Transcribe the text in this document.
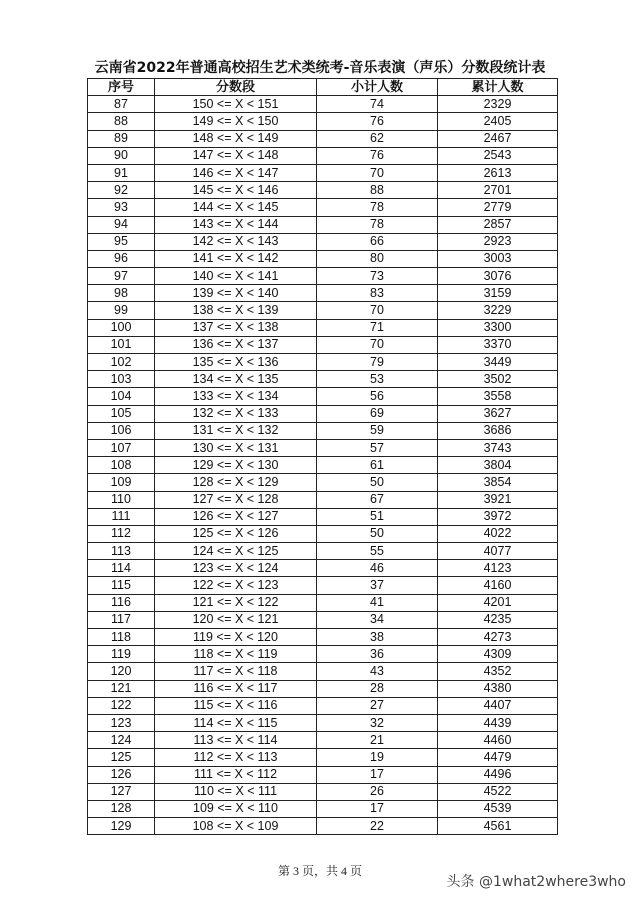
云南省2022年普通高校招生艺术类统考-音乐表演（声乐）分数段统计表
序号	分数段	小计人数	累计人数
87	150 <= X < 151	74	2329
88	149 <= X < 150	76	2405
89	148 <= X < 149	62	2467
90	147 <= X < 148	76	2543
91	146 <= X < 147	70	2613
92	145 <= X < 146	88	2701
93	144 <= X < 145	78	2779
94	143 <= X < 144	78	2857
95	142 <= X < 143	66	2923
96	141 <= X < 142	80	3003
97	140 <= X < 141	73	3076
98	139 <= X < 140	83	3159
99	138 <= X < 139	70	3229
100	137 <= X < 138	71	3300
101	136 <= X < 137	70	3370
102	135 <= X < 136	79	3449
103	134 <= X < 135	53	3502
104	133 <= X < 134	56	3558
105	132 <= X < 133	69	3627
106	131 <= X < 132	59	3686
107	130 <= X < 131	57	3743
108	129 <= X < 130	61	3804
109	128 <= X < 129	50	3854
110	127 <= X < 128	67	3921
111	126 <= X < 127	51	3972
112	125 <= X < 126	50	4022
113	124 <= X < 125	55	4077
114	123 <= X < 124	46	4123
115	122 <= X < 123	37	4160
116	121 <= X < 122	41	4201
117	120 <= X < 121	34	4235
118	119 <= X < 120	38	4273
119	118 <= X < 119	36	4309
120	117 <= X < 118	43	4352
121	116 <= X < 117	28	4380
122	115 <= X < 116	27	4407
123	114 <= X < 115	32	4439
124	113 <= X < 114	21	4460
125	112 <= X < 113	19	4479
126	111 <= X < 112	17	4496
127	110 <= X < 111	26	4522
128	109 <= X < 110	17	4539
129	108 <= X < 109	22	4561
第 3 页，共 4 页
头条 @1what2where3who
